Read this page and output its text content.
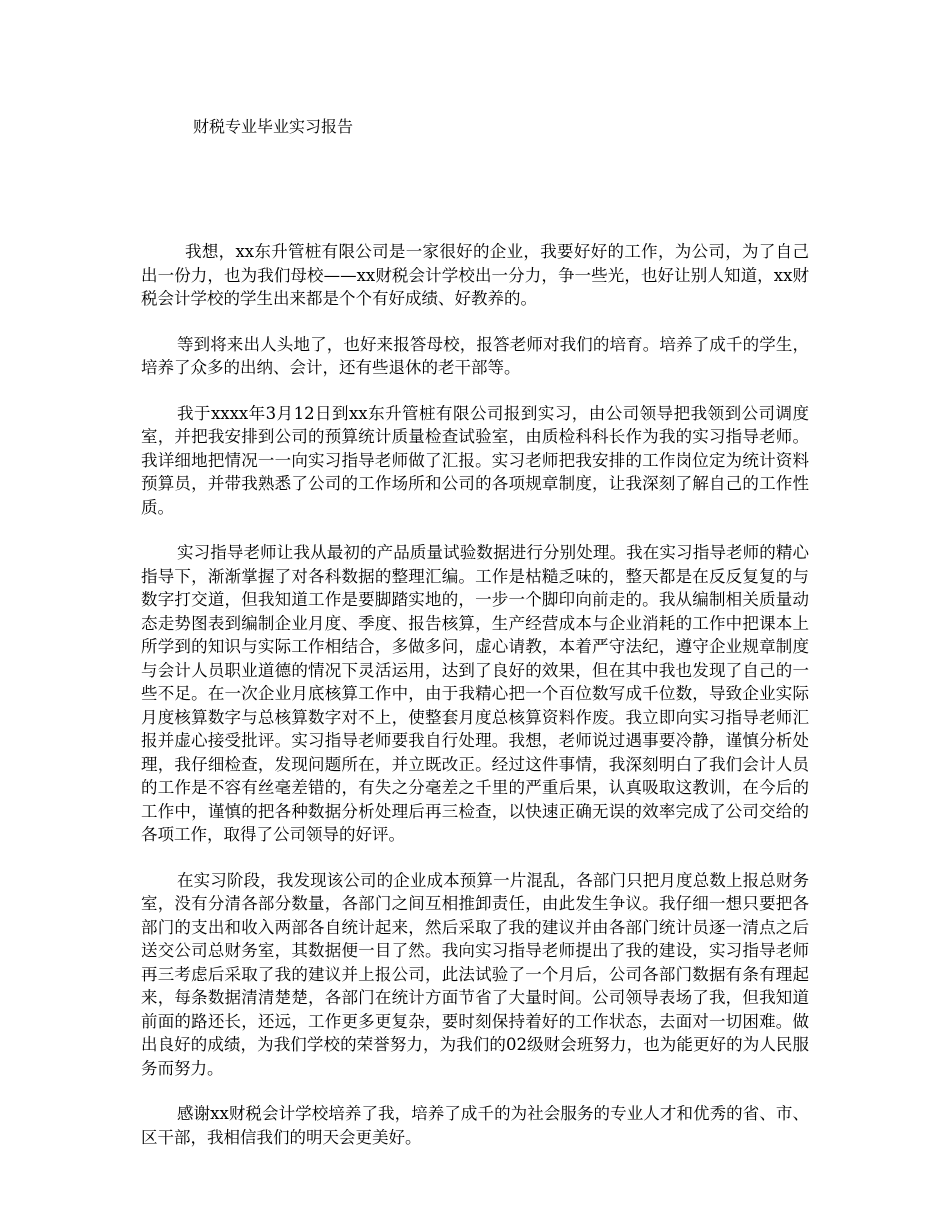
财税专业毕业实习报告

我想，xx东升管桩有限公司是一家很好的企业，我要好好的工作，为公司，为了自己出一份力，也为我们母校——xx财税会计学校出一分力，争一些光，也好让别人知道，xx财税会计学校的学生出来都是个个有好成绩、好教养的。

等到将来出人头地了，也好来报答母校，报答老师对我们的培育。培养了成千的学生，培养了众多的出纳、会计，还有些退休的老干部等。

我于xxxx年3月12日到xx东升管桩有限公司报到实习，由公司领导把我领到公司调度室，并把我安排到公司的预算统计质量检查试验室，由质检科科长作为我的实习指导老师。我详细地把情况一一向实习指导老师做了汇报。实习老师把我安排的工作岗位定为统计资料预算员，并带我熟悉了公司的工作场所和公司的各项规章制度，让我深刻了解自己的工作性质。

实习指导老师让我从最初的产品质量试验数据进行分别处理。我在实习指导老师的精心指导下，渐渐掌握了对各科数据的整理汇编。工作是枯糙乏味的，整天都是在反反复复的与数字打交道，但我知道工作是要脚踏实地的，一步一个脚印向前走的。我从编制相关质量动态走势图表到编制企业月度、季度、报告核算，生产经营成本与企业消耗的工作中把课本上所学到的知识与实际工作相结合，多做多问，虚心请教，本着严守法纪，遵守企业规章制度与会计人员职业道德的情况下灵活运用，达到了良好的效果，但在其中我也发现了自己的一些不足。在一次企业月底核算工作中，由于我精心把一个百位数写成千位数，导致企业实际月度核算数字与总核算数字对不上，使整套月度总核算资料作废。我立即向实习指导老师汇报并虚心接受批评。实习指导老师要我自行处理。我想，老师说过遇事要冷静，谨慎分析处理，我仔细检查，发现问题所在，并立既改正。经过这件事情，我深刻明白了我们会计人员的工作是不容有丝毫差错的，有失之分毫差之千里的严重后果，认真吸取这教训，在今后的工作中，谨慎的把各种数据分析处理后再三检查，以快速正确无误的效率完成了公司交给的各项工作，取得了公司领导的好评。

在实习阶段，我发现该公司的企业成本预算一片混乱，各部门只把月度总数上报总财务室，没有分清各部分数量，各部门之间互相推卸责任，由此发生争议。我仔细一想只要把各部门的支出和收入两部各自统计起来，然后采取了我的建议并由各部门统计员逐一清点之后送交公司总财务室，其数据便一目了然。我向实习指导老师提出了我的建设，实习指导老师再三考虑后采取了我的建议并上报公司，此法试验了一个月后，公司各部门数据有条有理起来，每条数据清清楚楚，各部门在统计方面节省了大量时间。公司领导表场了我，但我知道前面的路还长，还远，工作更多更复杂，要时刻保持着好的工作状态，去面对一切困难。做出良好的成绩，为我们学校的荣誉努力，为我们的02级财会班努力，也为能更好的为人民服务而努力。

感谢xx财税会计学校培养了我，培养了成千的为社会服务的专业人才和优秀的省、市、区干部，我相信我们的明天会更美好。
